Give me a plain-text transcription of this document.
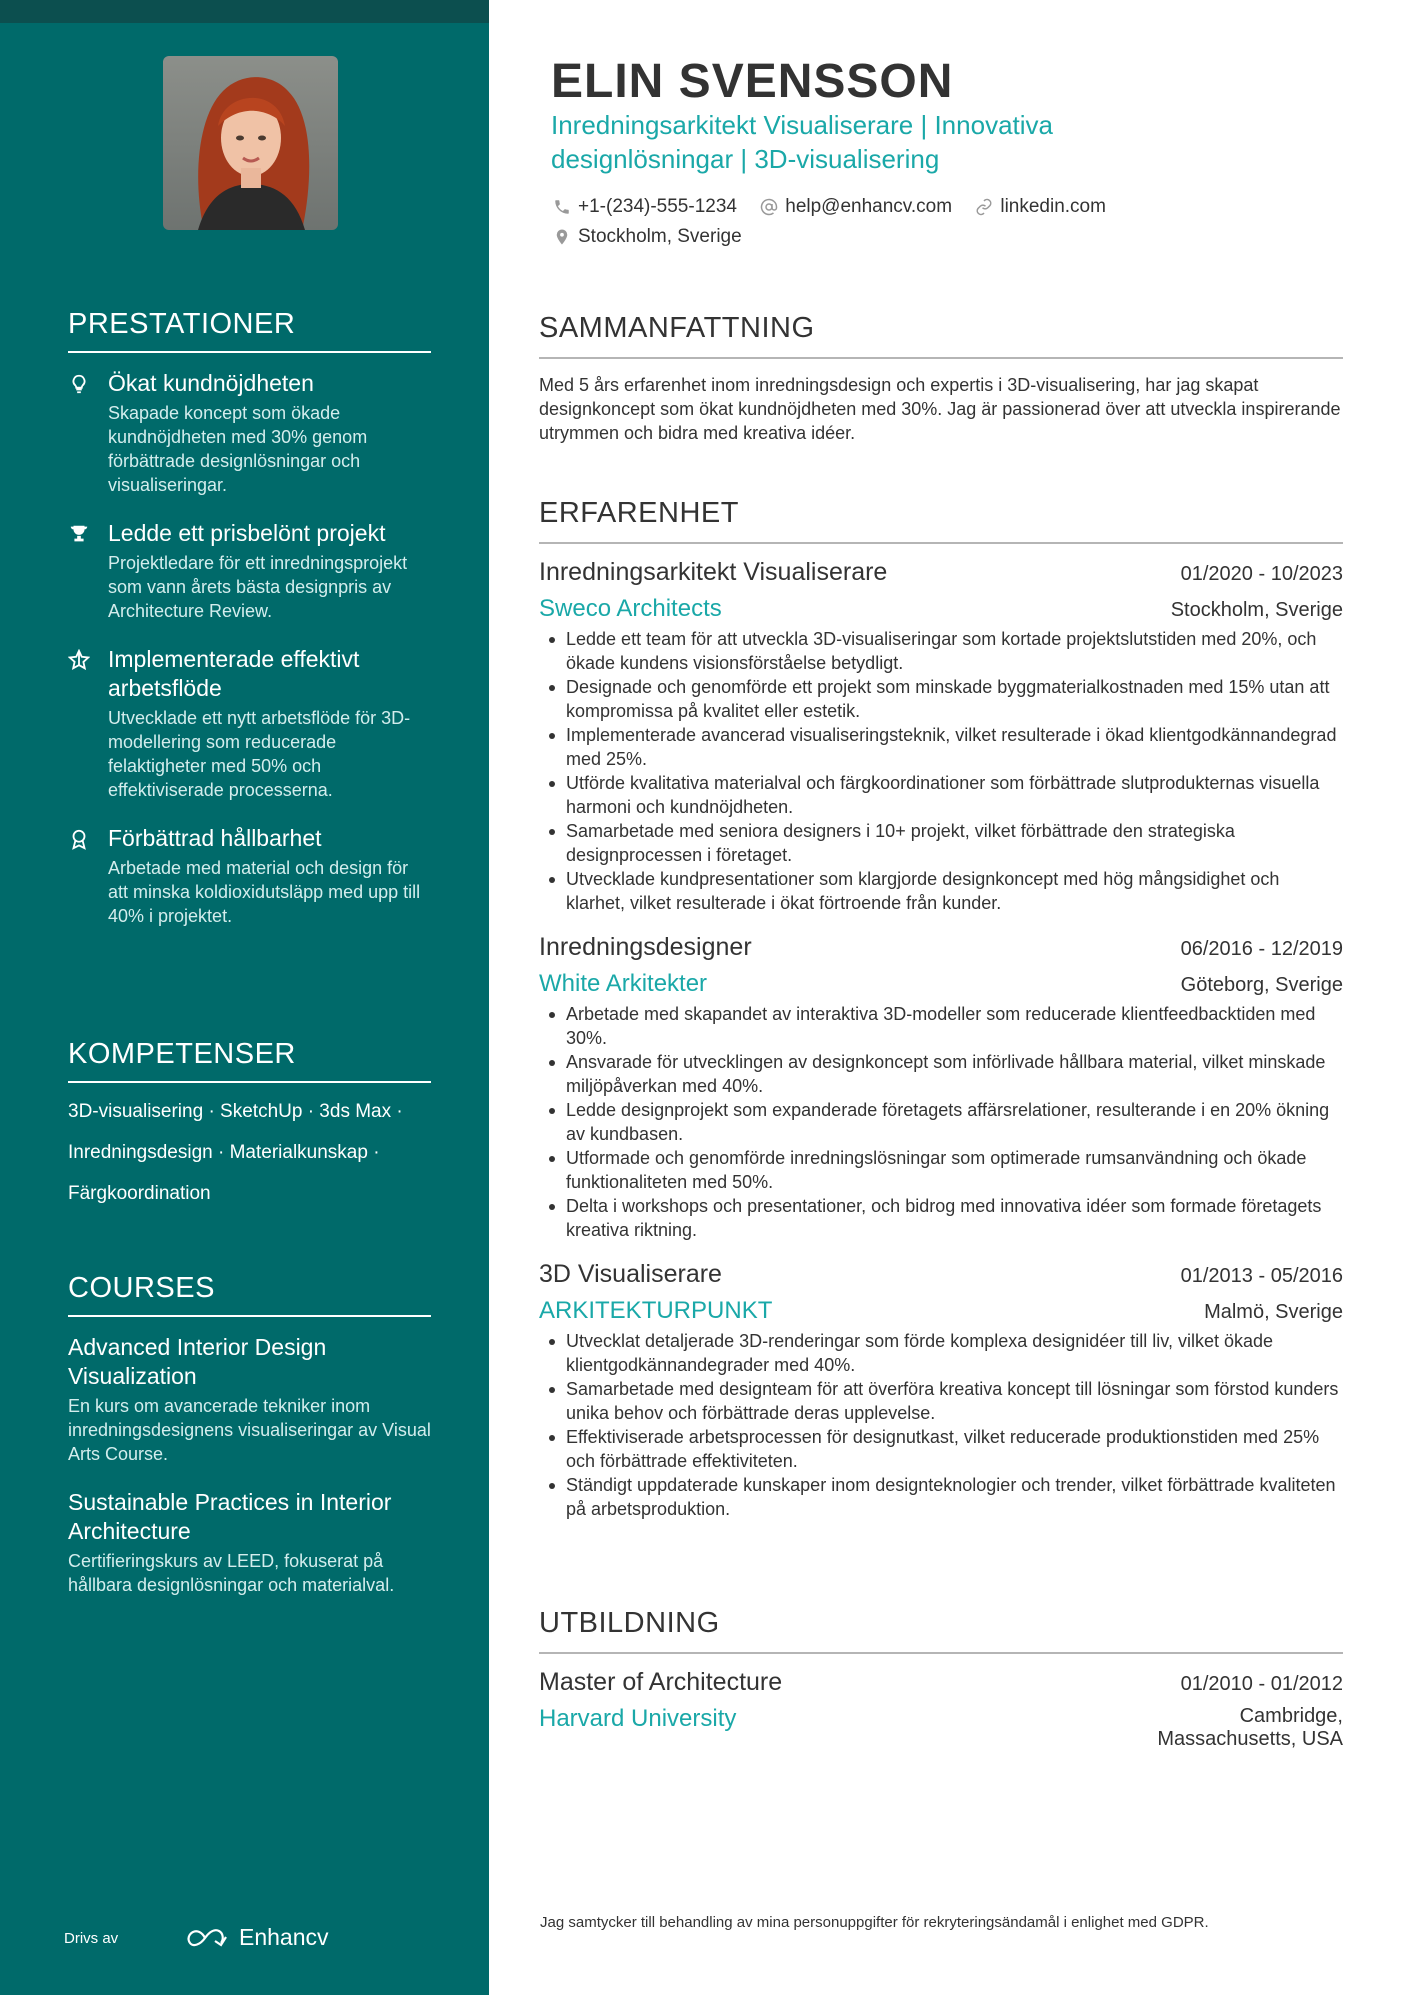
PRESTATIONER
Ökat kundnöjdheten
Skapade koncept som ökade kundnöjdheten med 30% genom förbättrade designlösningar och visualiseringar.
Ledde ett prisbelönt projekt
Projektledare för ett inredningsprojekt som vann årets bästa designpris av Architecture Review.
Implementerade effektivt arbetsflöde
Utvecklade ett nytt arbetsflöde för 3D-modellering som reducerade felaktigheter med 50% och effektiviserade processerna.
Förbättrad hållbarhet
Arbetade med material och design för att minska koldioxidutsläpp med upp till 40% i projektet.
KOMPETENSER
3D-visualisering · SketchUp · 3ds Max ·
Inredningsdesign · Materialkunskap ·
Färgkoordination
COURSES
Advanced Interior Design Visualization
En kurs om avancerade tekniker inom inredningsdesignens visualiseringar av Visual Arts Course.
Sustainable Practices in Interior Architecture
Certifieringskurs av LEED, fokuserat på hållbara designlösningar och materialval.
Drivs av	Enhancv
ELIN SVENSSON
Inredningsarkitekt Visualiserare | Innovativa designlösningar | 3D-visualisering
+1-(234)-555-1234
	help@enhancv.com
	linkedin.com

Stockholm, Sverige
SAMMANFATTNING
Med 5 års erfarenhet inom inredningsdesign och expertis i 3D-visualisering, har jag skapat designkoncept som ökat kundnöjdheten med 30%. Jag är passionerad över att utveckla inspirerande utrymmen och bidra med kreativa idéer.
ERFARENHET
Inredningsarkitekt Visualiserare	01/2020 - 10/2023
Sweco Architects	Stockholm, Sverige
Ledde ett team för att utveckla 3D-visualiseringar som kortade projektslutstiden med 20%, och ökade kundens visionsförståelse betydligt.
Designade och genomförde ett projekt som minskade byggmaterialkostnaden med 15% utan att kompromissa på kvalitet eller estetik.
Implementerade avancerad visualiseringsteknik, vilket resulterade i ökad klientgodkännandegrad med 25%.
Utförde kvalitativa materialval och färgkoordinationer som förbättrade slutprodukternas visuella harmoni och kundnöjdheten.
Samarbetade med seniora designers i 10+ projekt, vilket förbättrade den strategiska designprocessen i företaget.
Utvecklade kundpresentationer som klargjorde designkoncept med hög mångsidighet och klarhet, vilket resulterade i ökat förtroende från kunder.
Inredningsdesigner	06/2016 - 12/2019
White Arkitekter	Göteborg, Sverige
Arbetade med skapandet av interaktiva 3D-modeller som reducerade klientfeedbacktiden med 30%.
Ansvarade för utvecklingen av designkoncept som införlivade hållbara material, vilket minskade miljöpåverkan med 40%.
Ledde designprojekt som expanderade företagets affärsrelationer, resulterande i en 20% ökning av kundbasen.
Utformade och genomförde inredningslösningar som optimerade rumsanvändning och ökade funktionaliteten med 50%.
Delta i workshops och presentationer, och bidrog med innovativa idéer som formade företagets kreativa riktning.
3D Visualiserare	01/2013 - 05/2016
ARKITEKTURPUNKT	Malmö, Sverige
Utvecklat detaljerade 3D-renderingar som förde komplexa designidéer till liv, vilket ökade klientgodkännandegrader med 40%.
Samarbetade med designteam för att överföra kreativa koncept till lösningar som förstod kunders unika behov och förbättrade deras upplevelse.
Effektiviserade arbetsprocessen för designutkast, vilket reducerade produktionstiden med 25% och förbättrade effektiviteten.
Ständigt uppdaterade kunskaper inom designteknologier och trender, vilket förbättrade kvaliteten på arbetsproduktion.
UTBILDNING
Master of Architecture	01/2010 - 01/2012
Harvard University	Cambridge,
Massachusetts, USA
Jag samtycker till behandling av mina personuppgifter för rekryteringsändamål i enlighet med GDPR.
